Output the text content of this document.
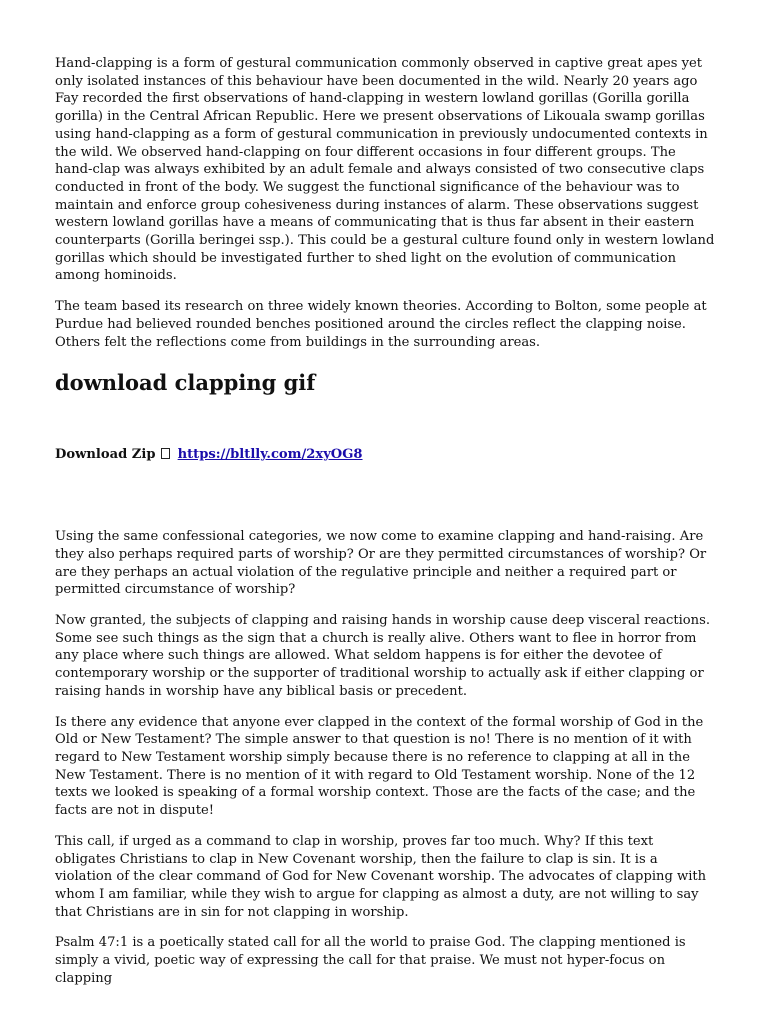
Hand-clapping is a form of gestural communication commonly observed in captive great apes yet only isolated instances of this behaviour have been documented in the wild. Nearly 20 years ago Fay recorded the first observations of hand-clapping in western lowland gorillas (Gorilla gorilla gorilla) in the Central African Republic. Here we present observations of Likouala swamp gorillas using hand-clapping as a form of gestural communication in previously undocumented contexts in the wild. We observed hand-clapping on four different occasions in four different groups. The hand-clap was always exhibited by an adult female and always consisted of two consecutive claps conducted in front of the body. We suggest the functional significance of the behaviour was to maintain and enforce group cohesiveness during instances of alarm. These observations suggest western lowland gorillas have a means of communicating that is thus far absent in their eastern counterparts (Gorilla beringei ssp.). This could be a gestural culture found only in western lowland gorillas which should be investigated further to shed light on the evolution of communication among hominoids.

The team based its research on three widely known theories. According to Bolton, some people at Purdue had believed rounded benches positioned around the circles reflect the clapping noise. Others felt the reflections come from buildings in the surrounding areas.

download clapping gif
Download Zip https://bltlly.com/2xyOG8

Using the same confessional categories, we now come to examine clapping and hand-raising. Are they also perhaps required parts of worship? Or are they permitted circumstances of worship? Or are they perhaps an actual violation of the regulative principle and neither a required part or permitted circumstance of worship?

Now granted, the subjects of clapping and raising hands in worship cause deep visceral reactions. Some see such things as the sign that a church is really alive. Others want to flee in horror from any place where such things are allowed. What seldom happens is for either the devotee of contemporary worship or the supporter of traditional worship to actually ask if either clapping or raising hands in worship have any biblical basis or precedent.

Is there any evidence that anyone ever clapped in the context of the formal worship of God in the Old or New Testament? The simple answer to that question is no! There is no mention of it with regard to New Testament worship simply because there is no reference to clapping at all in the New Testament. There is no mention of it with regard to Old Testament worship. None of the 12 texts we looked is speaking of a formal worship context. Those are the facts of the case; and the facts are not in dispute!

This call, if urged as a command to clap in worship, proves far too much. Why? If this text obligates Christians to clap in New Covenant worship, then the failure to clap is sin. It is a violation of the clear command of God for New Covenant worship. The advocates of clapping with whom I am familiar, while they wish to argue for clapping as almost a duty, are not willing to say that Christians are in sin for not clapping in worship.

Psalm 47:1 is a poetically stated call for all the world to praise God. The clapping mentioned is simply a vivid, poetic way of expressing the call for that praise. We must not hyper-focus on clapping
